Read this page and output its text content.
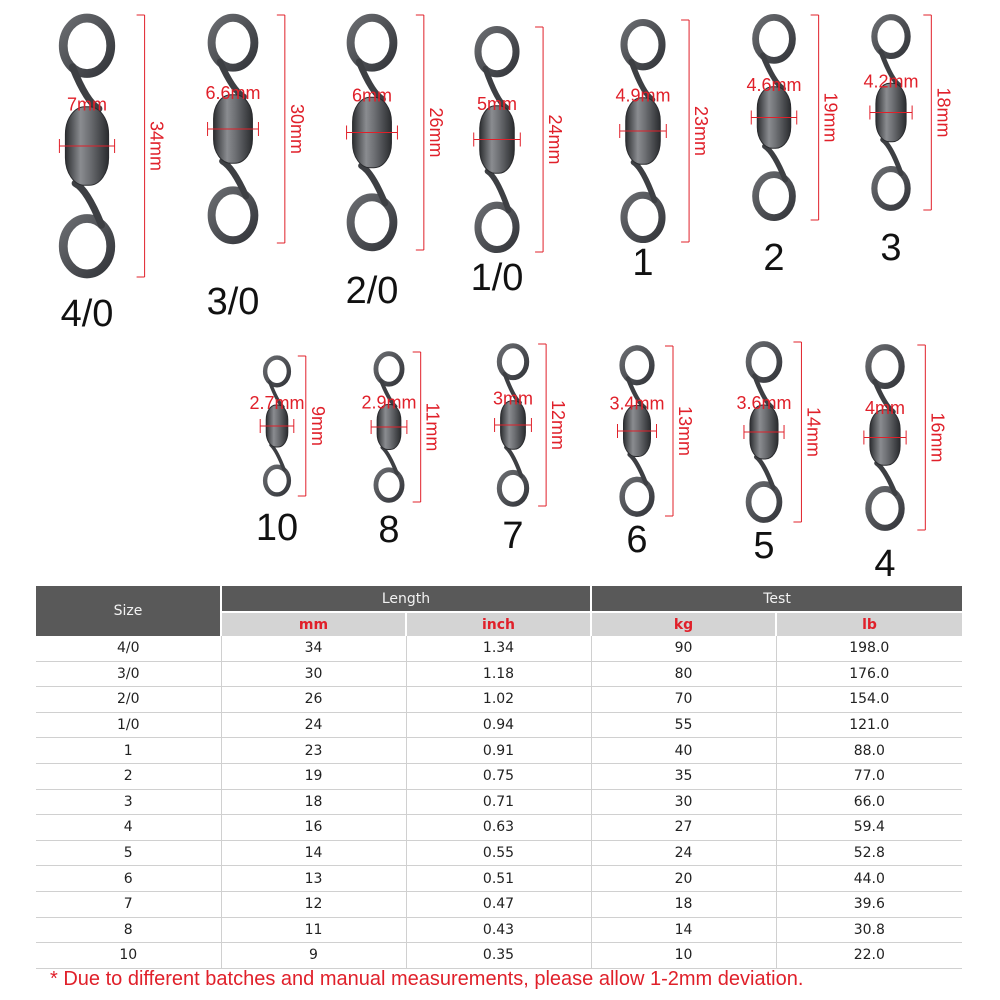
7mm
34mm
4/0
6.6mm
30mm
3/0
6mm
26mm
2/0
5mm
24mm
1/0
4.9mm
23mm
1
4.6mm
19mm
2
4.2mm
18mm
3
2.7mm
9mm
10
2.9mm
11mm
8
3mm
12mm
7
3.4mm
13mm
6
3.6mm
14mm
5
4mm
16mm
4
Size	Length		Test	
	mm	inch	kg	lb
4/0	34	1.34	90	198.0
3/0	30	1.18	80	176.0
2/0	26	1.02	70	154.0
1/0	24	0.94	55	121.0
1	23	0.91	40	88.0
2	19	0.75	35	77.0
3	18	0.71	30	66.0
4	16	0.63	27	59.4
5	14	0.55	24	52.8
6	13	0.51	20	44.0
7	12	0.47	18	39.6
8	11	0.43	14	30.8
10	9	0.35	10	22.0
* Due to different batches and manual measurements, please allow 1-2mm deviation.
